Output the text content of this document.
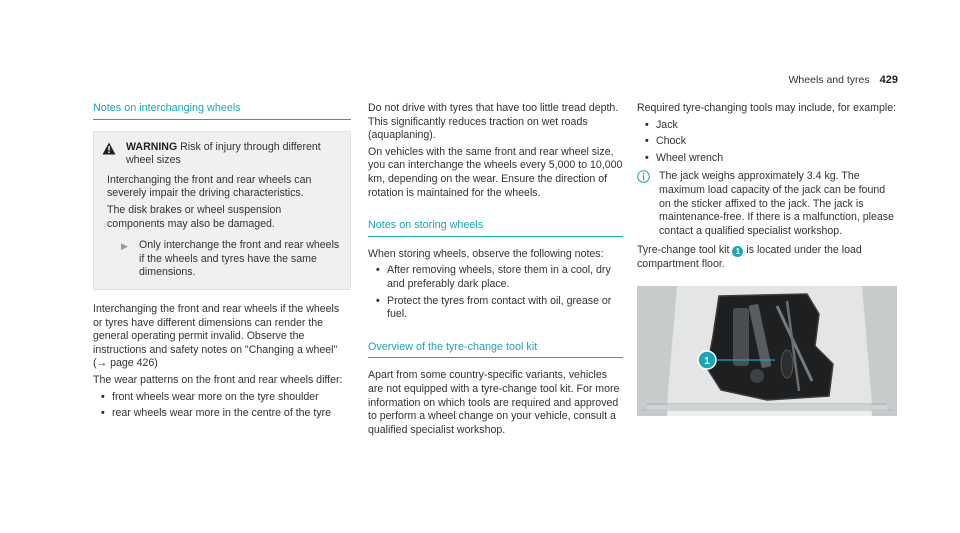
Wheels and tyres 429
Notes on interchanging wheels
WARNING Risk of injury through different wheel sizes

Interchanging the front and rear wheels can severely impair the driving characteristics.

The disk brakes or wheel suspension components may also be damaged.

▶	Only interchange the front and rear wheels if the wheels and tyres have the same dimensions.

Interchanging the front and rear wheels if the wheels or tyres have different dimensions can render the general operating permit invalid. Observe the instructions and safety notes on "Changing a wheel" (→ page 426)

The wear patterns on the front and rear wheels differ:

• front wheels wear more on the tyre shoulder
• rear wheels wear more in the centre of the tyre

Do not drive with tyres that have too little tread depth. This significantly reduces traction on wet roads (aquaplaning).

On vehicles with the same front and rear wheel size, you can interchange the wheels every 5,000 to 10,000 km, depending on the wear. Ensure the direction of rotation is maintained for the wheels.

Notes on storing wheels

When storing wheels, observe the following notes:

• After removing wheels, store them in a cool, dry and preferably dark place.
• Protect the tyres from contact with oil, grease or fuel.
Overview of the tyre-change tool kit

Apart from some country-specific variants, vehicles are not equipped with a tyre-change tool kit. For more information on which tools are required and approved to perform a wheel change on your vehicle, consult a qualified specialist workshop.

Required tyre-changing tools may include, for example:

• Jack
• Chock
• Wheel wrench
The jack weighs approximately 3.4 kg. The maximum load capacity of the jack can be found on the sticker affixed to the jack. The jack is maintenance-free. If there is a malfunction, please contact a qualified specialist workshop.

Tyre-change tool kit 1 is located under the load compartment floor.

1
